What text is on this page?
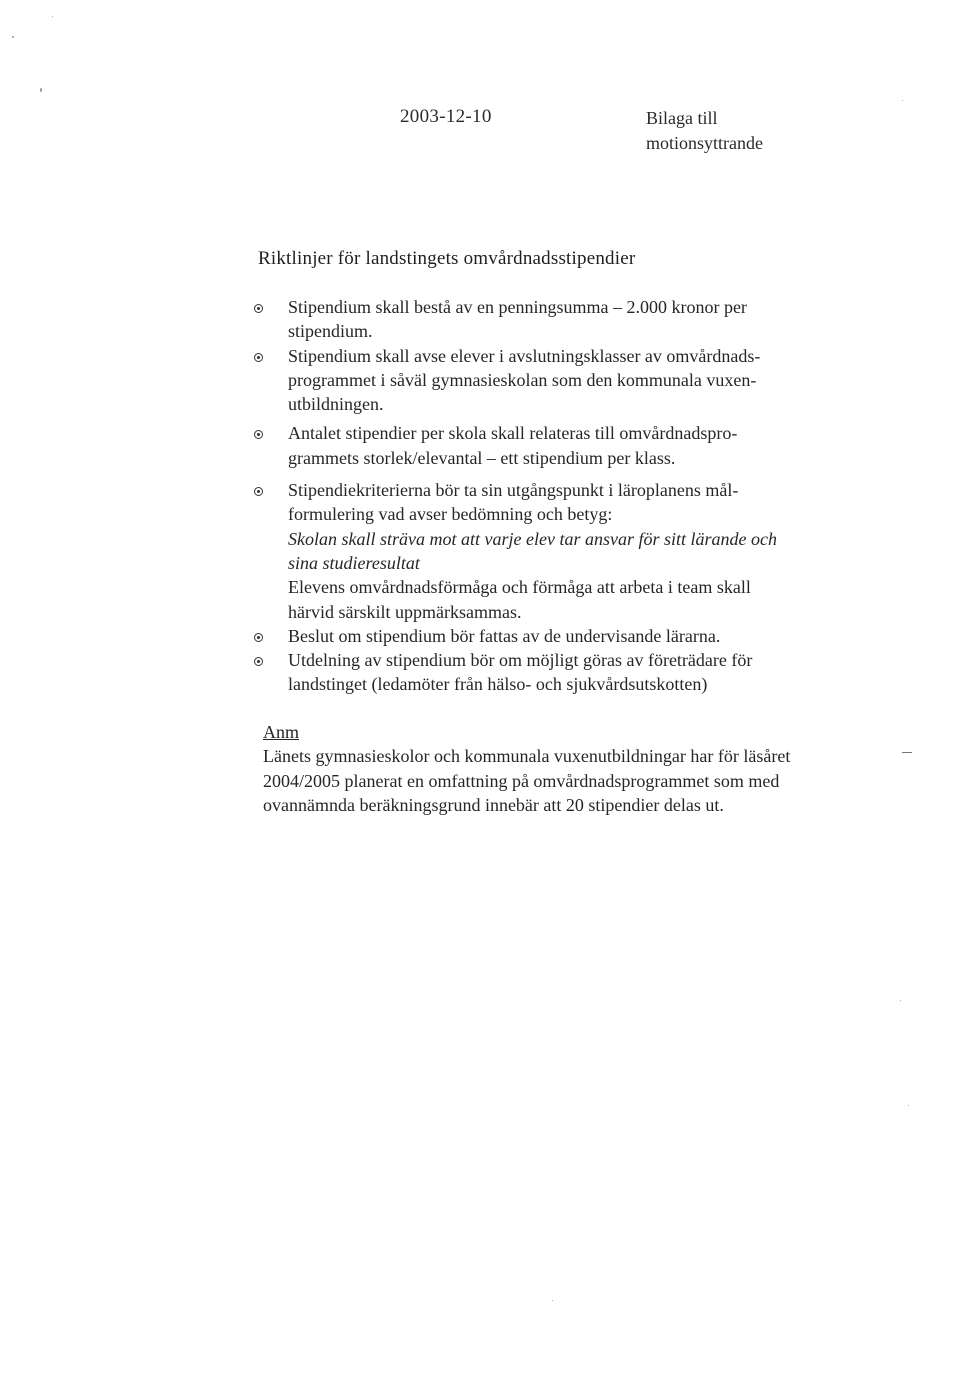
2003-12-10	Bilaga till
motionsyttrande
Riktlinjer för landstingets omvårdnadsstipendier
Stipendium skall bestå av en penningsumma – 2.000 kronor per
stipendium.
Stipendium skall avse elever i avslutningsklasser av omvårdnads-
programmet i såväl gymnasieskolan som den kommunala vuxen-
utbildningen.
Antalet stipendier per skola skall relateras till omvårdnadspro-
grammets storlek/elevantal – ett stipendium per klass.
Stipendiekriterierna bör ta sin utgångspunkt i läroplanens mål-
formulering vad avser bedömning och betyg:
Skolan skall sträva mot att varje elev tar ansvar för sitt lärande och
sina studieresultat
Elevens omvårdnadsförmåga och förmåga att arbeta i team skall
härvid särskilt uppmärksammas.
Beslut om stipendium bör fattas av de undervisande lärarna.
Utdelning av stipendium bör om möjligt göras av företrädare för
landstinget (ledamöter från hälso- och sjukvårdsutskotten)
Anm
Länets gymnasieskolor och kommunala vuxenutbildningar har för läsåret
2004/2005 planerat en omfattning på omvårdnadsprogrammet som med
ovannämnda beräkningsgrund innebär att 20 stipendier delas ut.
